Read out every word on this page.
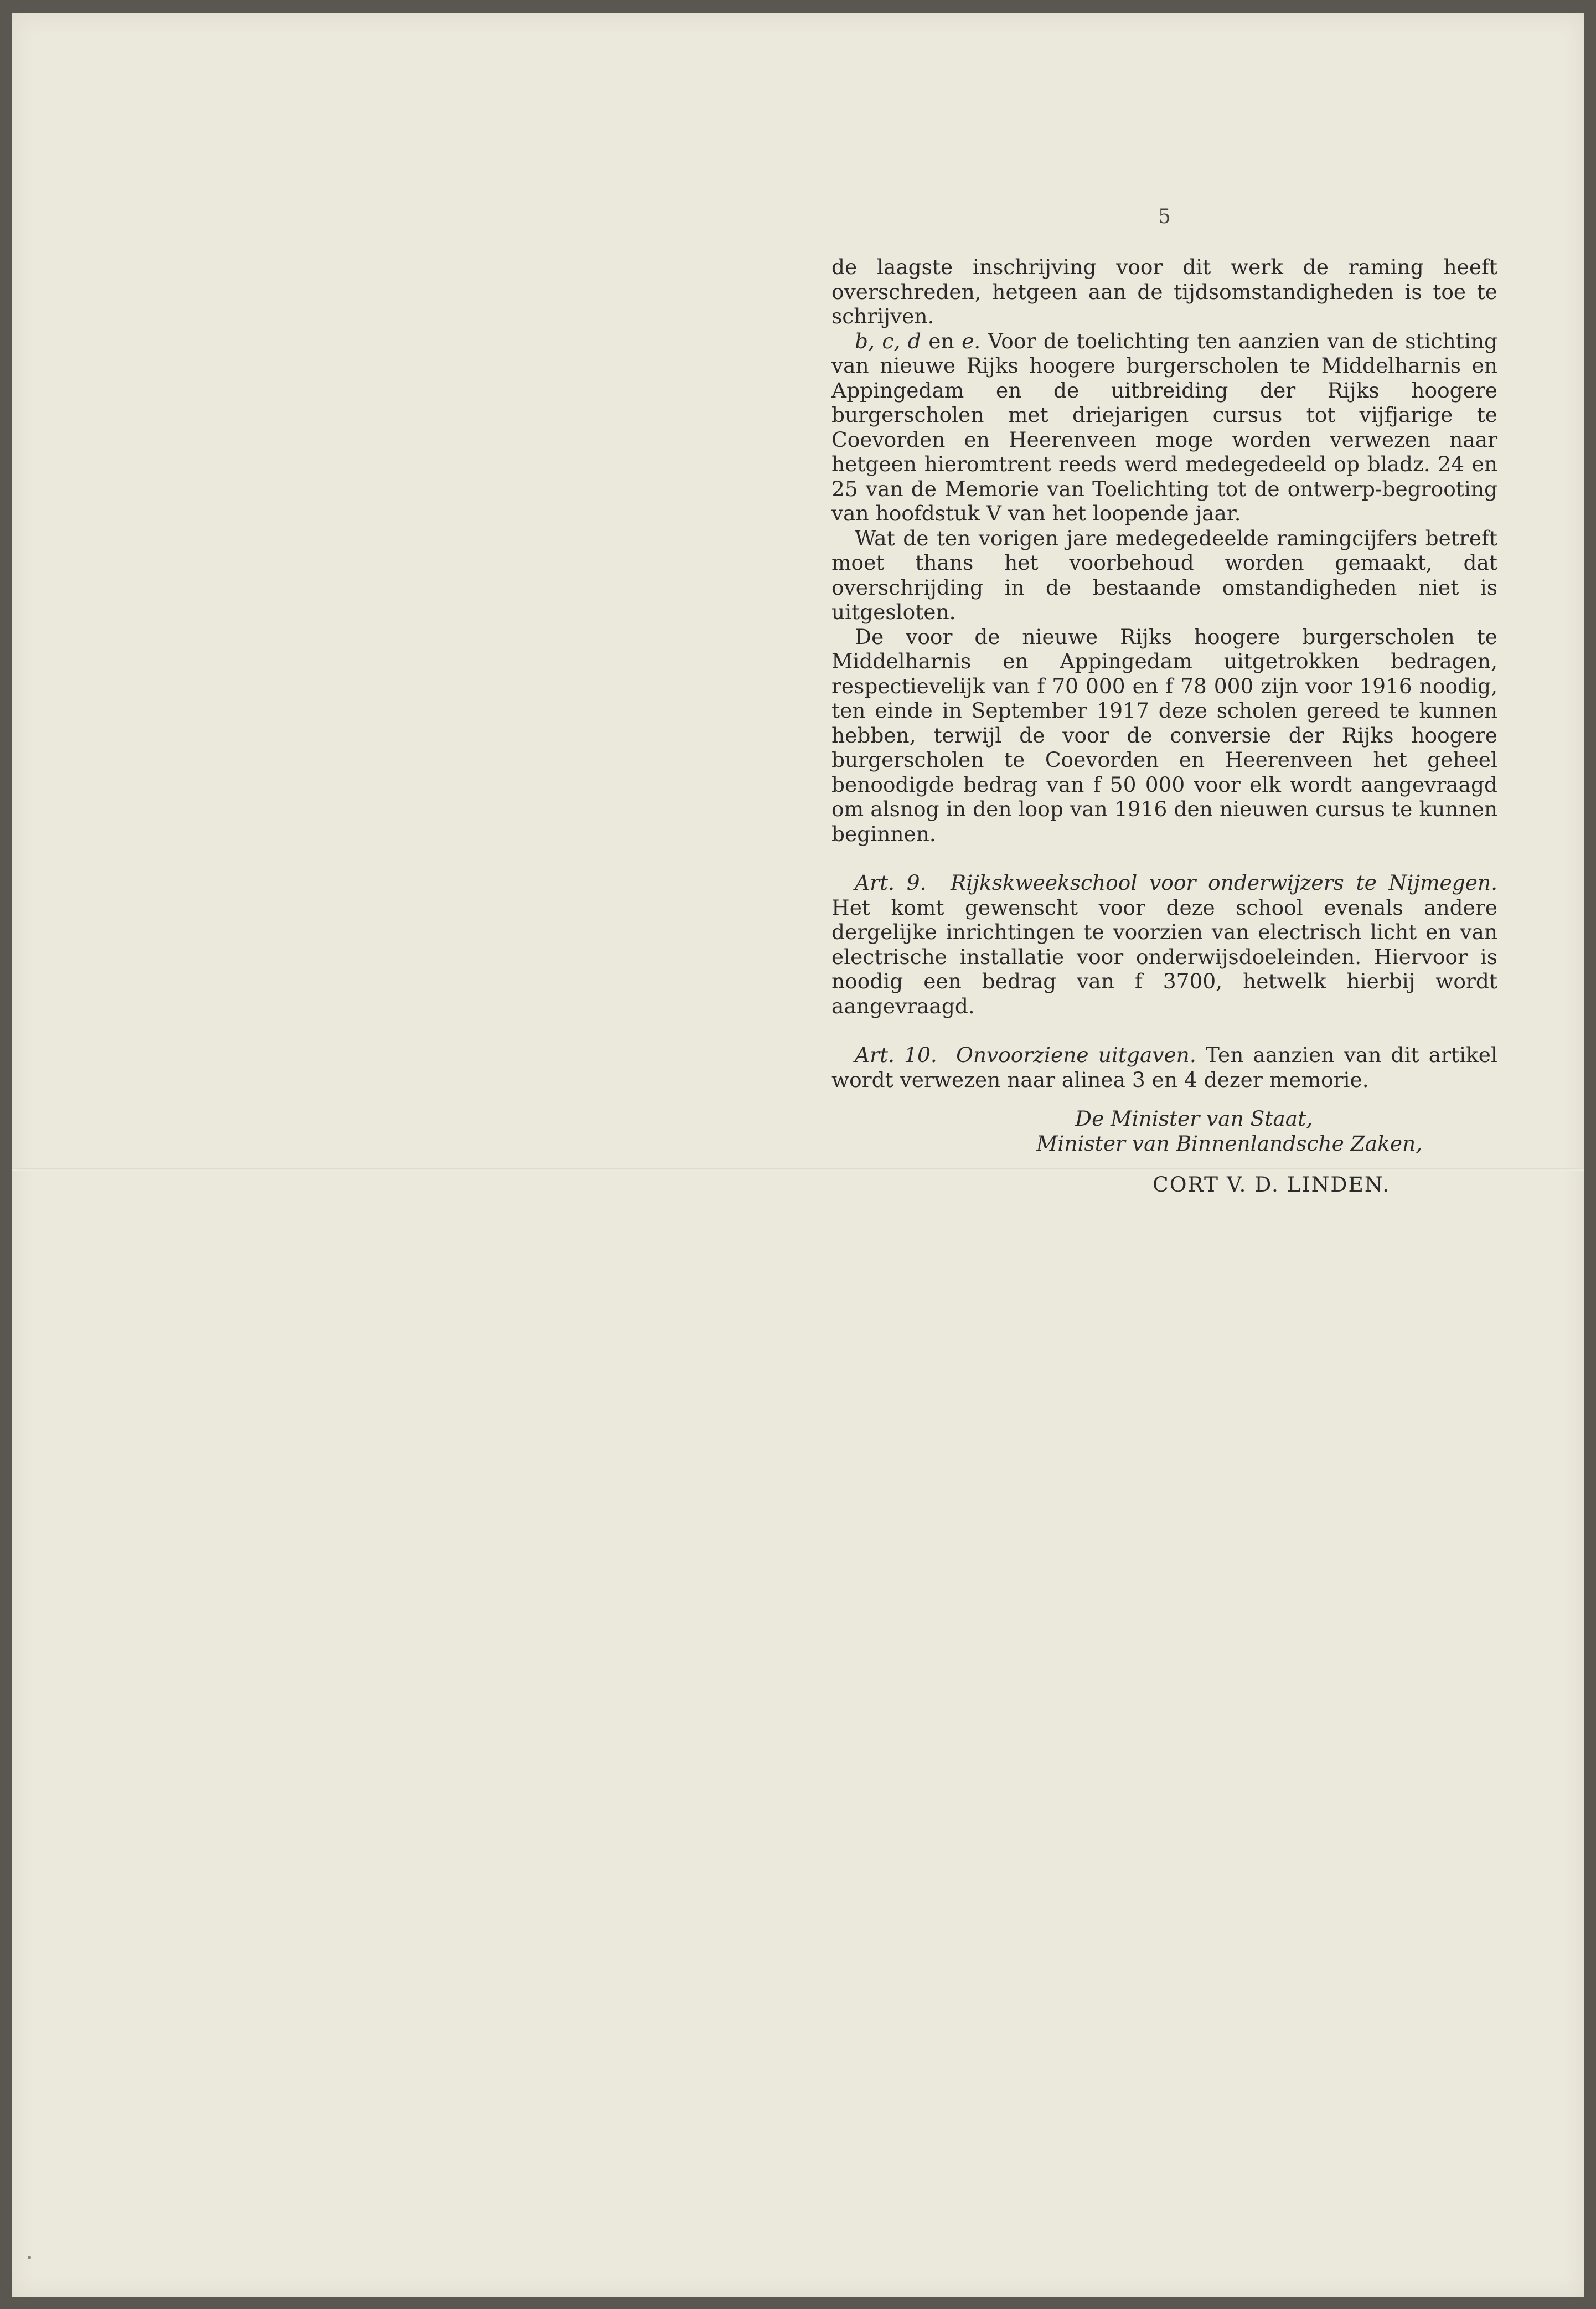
5

de laagste inschrijving voor dit werk de raming heeft overschreden, hetgeen aan de tijdsomstandigheden is toe te schrijven.

b, c, d en e. Voor de toelichting ten aanzien van de stichting van nieuwe Rijks hoogere burgerscholen te Middelharnis en Appingedam en de uitbreiding der Rijks hoogere burgerscholen met driejarigen cursus tot vijfjarige te Coevorden en Heerenveen moge worden verwezen naar hetgeen hieromtrent reeds werd medegedeeld op bladz. 24 en 25 van de Memorie van Toelichting tot de ontwerp-begrooting van hoofdstuk V van het loopende jaar.

Wat de ten vorigen jare medegedeelde ramingcijfers betreft moet thans het voorbehoud worden gemaakt, dat overschrijding in de bestaande omstandigheden niet is uitgesloten.

De voor de nieuwe Rijks hoogere burgerscholen te Middelharnis en Appingedam uitgetrokken bedragen, respectievelijk van f 70 000 en f 78 000 zijn voor 1916 noodig, ten einde in September 1917 deze scholen gereed te kunnen hebben, terwijl de voor de conversie der Rijks hoogere burgerscholen te Coevorden en Heerenveen het geheel benoodigde bedrag van f 50 000 voor elk wordt aangevraagd om alsnog in den loop van 1916 den nieuwen cursus te kunnen beginnen.

Art. 9. Rijkskweekschool voor onderwijzers te Nijmegen. Het komt gewenscht voor deze school evenals andere dergelijke inrichtingen te voorzien van electrisch licht en van electrische installatie voor onderwijsdoeleinden. Hiervoor is noodig een bedrag van f 3700, hetwelk hierbij wordt aangevraagd.

Art. 10. Onvoorziene uitgaven. Ten aanzien van dit artikel wordt verwezen naar alinea 3 en 4 dezer memorie.

De Minister van Staat,
Minister van Binnenlandsche Zaken,
CORT V. D. LINDEN.
